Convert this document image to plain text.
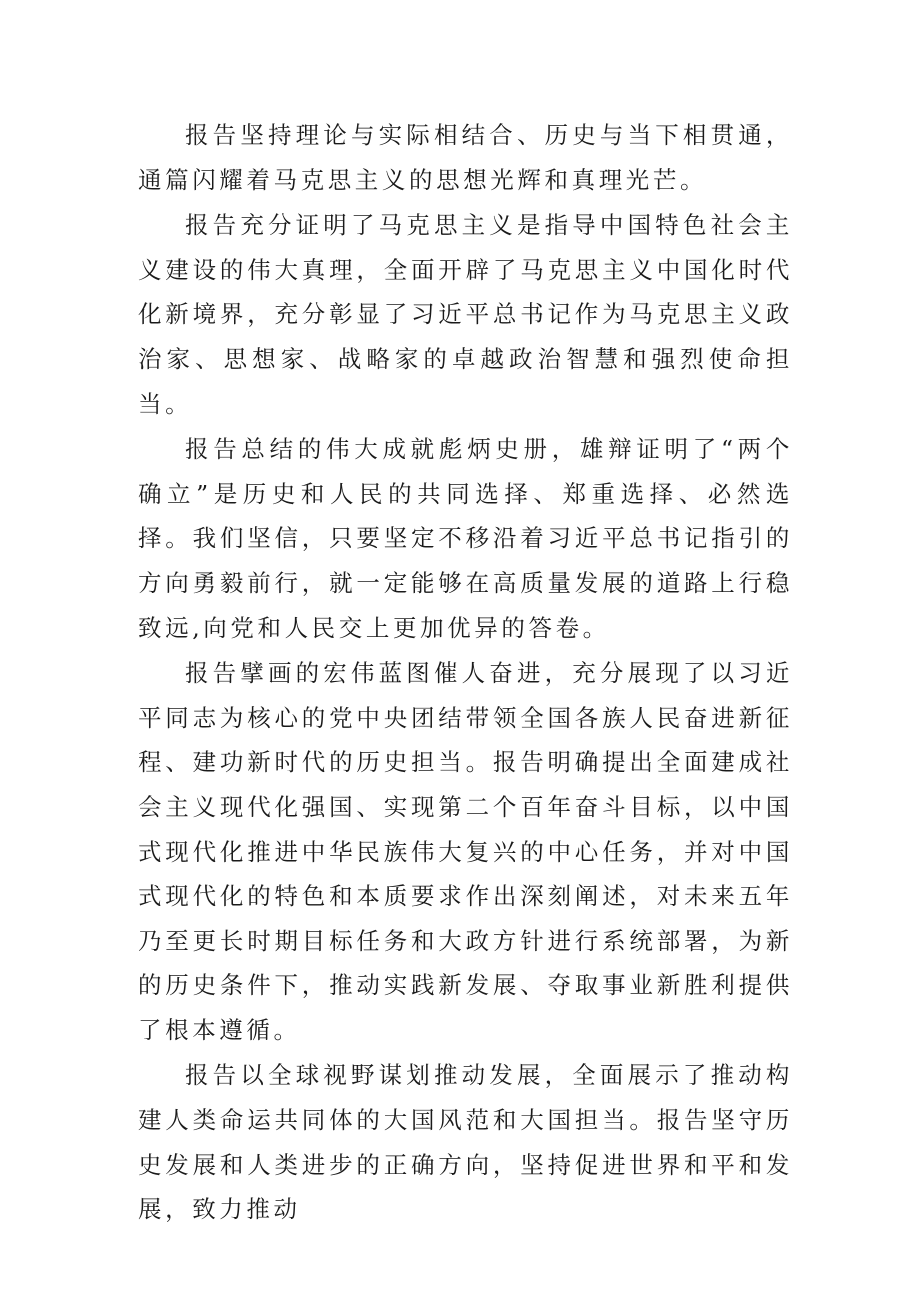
报告坚持理论与实际相结合、历史与当下相贯通，通篇闪耀着马克思主义的思想光辉和真理光芒。

报告充分证明了马克思主义是指导中国特色社会主义建设的伟大真理，全面开辟了马克思主义中国化时代化新境界，充分彰显了习近平总书记作为马克思主义政治家、思想家、战略家的卓越政治智慧和强烈使命担当。

报告总结的伟大成就彪炳史册，雄辩证明了“两个确立”是历史和人民的共同选择、郑重选择、必然选择。我们坚信，只要坚定不移沿着习近平总书记指引的方向勇毅前行，就一定能够在高质量发展的道路上行稳致远,向党和人民交上更加优异的答卷。

报告擘画的宏伟蓝图催人奋进，充分展现了以习近平同志为核心的党中央团结带领全国各族人民奋进新征程、建功新时代的历史担当。报告明确提出全面建成社会主义现代化强国、实现第二个百年奋斗目标，以中国式现代化推进中华民族伟大复兴的中心任务，并对中国式现代化的特色和本质要求作出深刻阐述，对未来五年乃至更长时期目标任务和大政方针进行系统部署，为新的历史条件下，推动实践新发展、夺取事业新胜利提供了根本遵循。

报告以全球视野谋划推动发展，全面展示了推动构建人类命运共同体的大国风范和大国担当。报告坚守历史发展和人类进步的正确方向，坚持促进世界和平和发展，致力推动
